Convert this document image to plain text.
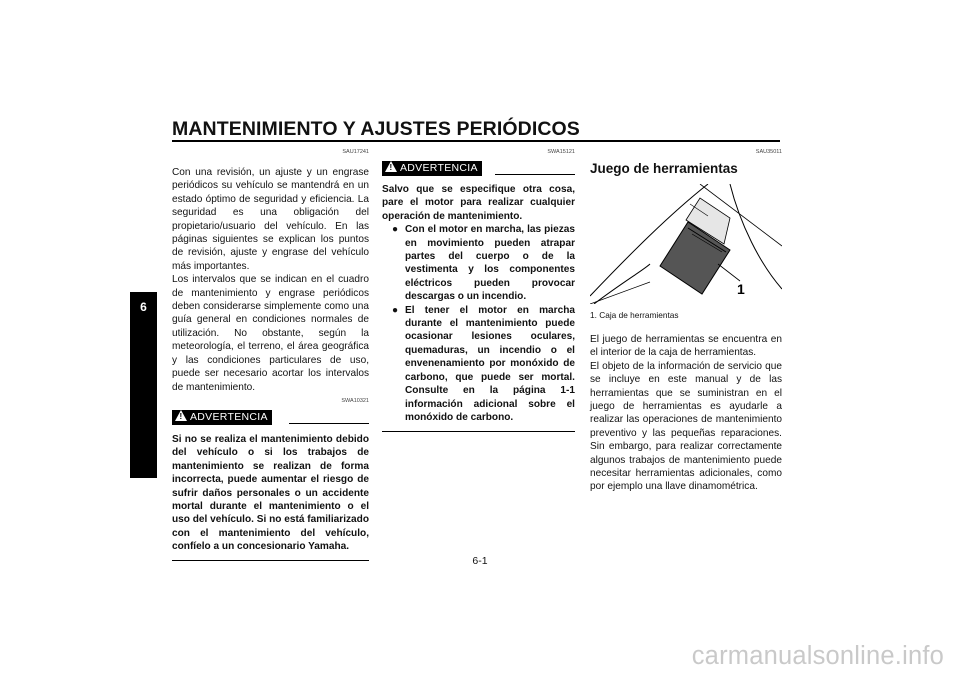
MANTENIMIENTO Y AJUSTES PERIÓDICOS
6
SAU17241

Con una revisión, un ajuste y un engrase periódicos su vehículo se mantendrá en un estado óptimo de seguridad y eficiencia. La seguridad es una obligación del propietario/usuario del vehículo. En las páginas siguientes se explican los puntos de revisión, ajuste y engrase del vehículo más importantes.

Los intervalos que se indican en el cuadro de mantenimiento y engrase periódicos deben considerarse simplemente como una guía general en condiciones normales de utilización. No obstante, según la meteorología, el terreno, el área geográfica y las condiciones particulares de uso, puede ser necesario acortar los intervalos de mantenimiento.

SWA10321
! ADVERTENCIA

Si no se realiza el mantenimiento debido del vehículo o si los trabajos de mantenimiento se realizan de forma incorrecta, puede aumentar el riesgo de sufrir daños personales o un accidente mortal durante el mantenimiento o el uso del vehículo. Si no está familiarizado con el mantenimiento del vehículo, confíelo a un concesionario Yamaha.

SWA15121
! ADVERTENCIA

Salvo que se especifique otra cosa, pare el motor para realizar cualquier operación de mantenimiento.

● Con el motor en marcha, las piezas en movimiento pueden atrapar partes del cuerpo o de la vestimenta y los componentes eléctricos pueden provocar descargas o un incendio.
● El tener el motor en marcha durante el mantenimiento puede ocasionar lesiones oculares, quemaduras, un incendio o el envenenamiento por monóxido de carbono, que puede ser mortal. Consulte en la página 1-1 información adicional sobre el monóxido de carbono.
SAU35011
Juego de herramientas
1
1. Caja de herramientas

El juego de herramientas se encuentra en el interior de la caja de herramientas.

El objeto de la información de servicio que se incluye en este manual y de las herramientas que se suministran en el juego de herramientas es ayudarle a realizar las operaciones de mantenimiento preventivo y las pequeñas reparaciones. Sin embargo, para realizar correctamente algunos trabajos de mantenimiento puede necesitar herramientas adicionales, como por ejemplo una llave dinamométrica.

6-1
carmanualsonline.info
